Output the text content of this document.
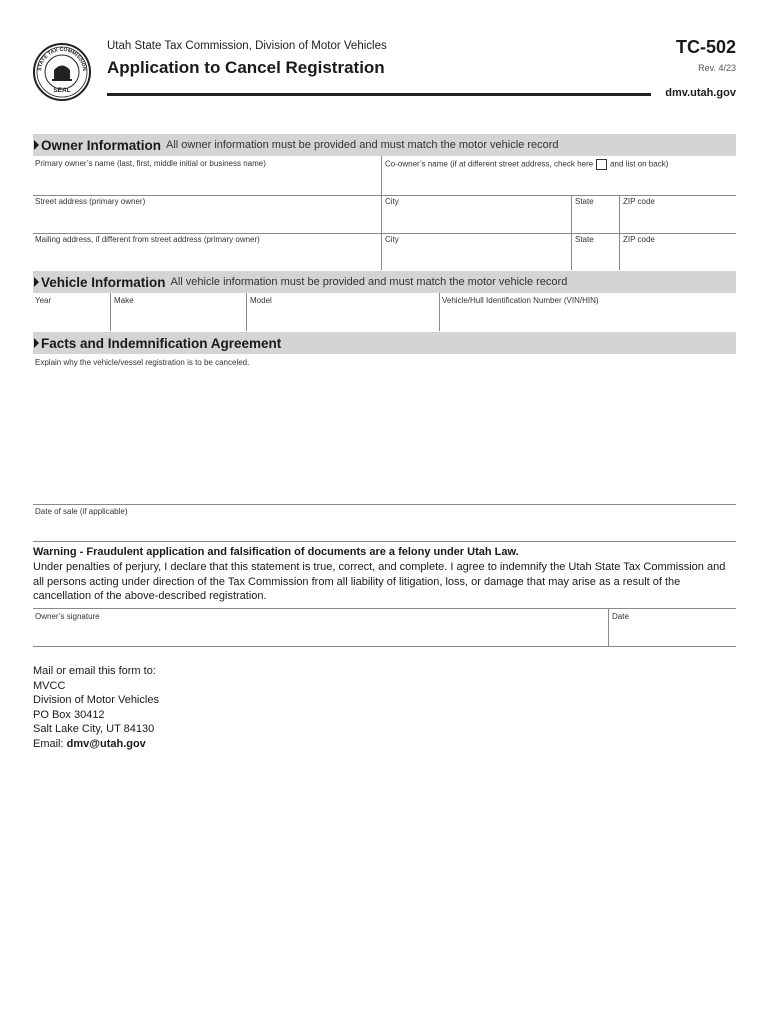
STATE TAX COMMISSION
SEAL
Utah State Tax Commission, Division of Motor Vehicles
Application to Cancel Registration
TC-502
Rev. 4/23
dmv.utah.gov
Owner Information All owner information must be provided and must match the motor vehicle record
Primary owner’s name (last, first, middle initial or business name)	Co-owner’s name (if at different street address, check here and list on back)
Street address (primary owner)	City	State	ZIP code
Mailing address, if different from street address (primary owner)	City	State	ZIP code
Vehicle Information All vehicle information must be provided and must match the motor vehicle record
Year	Make	Model	Vehicle/Hull Identification Number (VIN/HIN)
Facts and Indemnification Agreement
Explain why the vehicle/vessel registration is to be canceled.
Date of sale (if applicable)
Warning - Fraudulent application and falsification of documents are a felony under Utah Law.
Under penalties of perjury, I declare that this statement is true, correct, and complete. I agree to indemnify the Utah State Tax Commission and all persons acting under direction of the Tax Commission from all liability of litigation, loss, or damage that may arise as a result of the cancellation of the above-described registration.
Owner’s signature	Date
Mail or email this form to:
MVCC
Division of Motor Vehicles
PO Box 30412
Salt Lake City, UT 84130
Email: dmv@utah.gov
